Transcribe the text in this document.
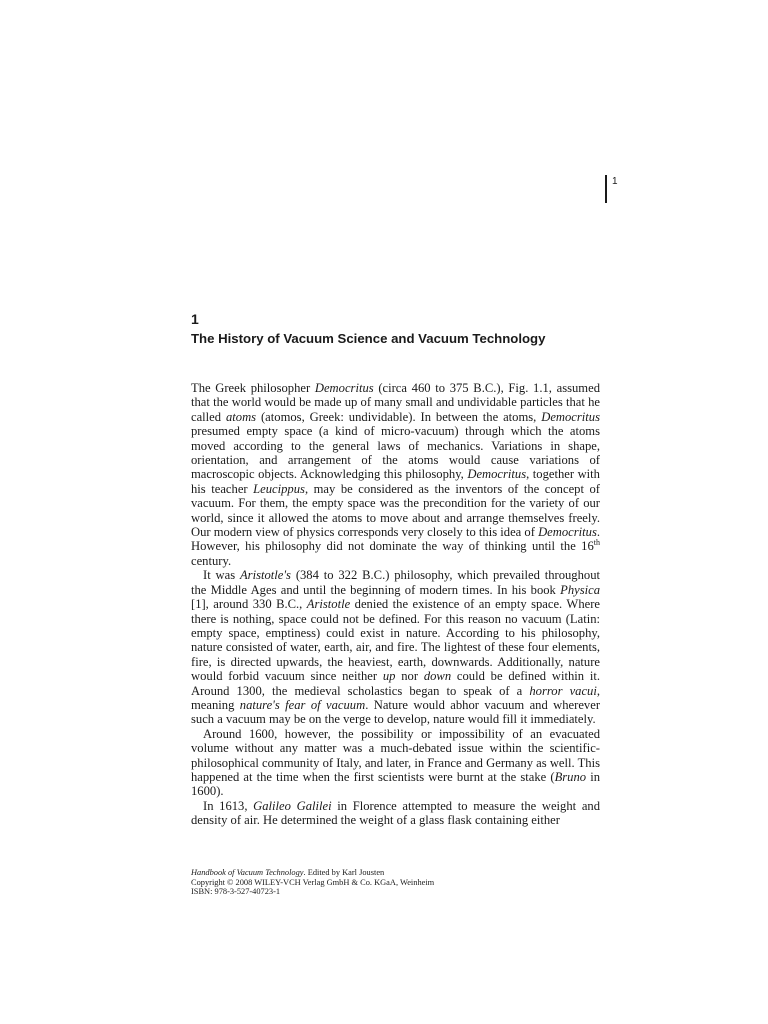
1
1
The History of Vacuum Science and Vacuum Technology

The Greek philosopher Democritus (circa 460 to 375 B.C.), Fig. 1.1, assumed that the world would be made up of many small and undividable particles that he called atoms (atomos, Greek: undividable). In between the atoms, Democritus presumed empty space (a kind of micro-vacuum) through which the atoms moved according to the general laws of mechanics. Variations in shape, orientation, and arrangement of the atoms would cause variations of macroscopic objects. Acknowledging this philosophy, Democritus, together with his teacher Leucippus, may be considered as the inventors of the concept of vacuum. For them, the empty space was the precondition for the variety of our world, since it allowed the atoms to move about and arrange themselves freely. Our modern view of physics corresponds very closely to this idea of Democritus. However, his philosophy did not dominate the way of thinking until the 16th century.

It was Aristotle's (384 to 322 B.C.) philosophy, which prevailed throughout the Middle Ages and until the beginning of modern times. In his book Physica [1], around 330 B.C., Aristotle denied the existence of an empty space. Where there is nothing, space could not be defined. For this reason no vacuum (Latin: empty space, emptiness) could exist in nature. According to his philosophy, nature consisted of water, earth, air, and fire. The lightest of these four elements, fire, is directed upwards, the heaviest, earth, downwards. Additionally, nature would forbid vacuum since neither up nor down could be defined within it. Around 1300, the medieval scholastics began to speak of a horror vacui, meaning nature's fear of vacuum. Nature would abhor vacuum and wherever such a vacuum may be on the verge to develop, nature would fill it immediately.

Around 1600, however, the possibility or impossibility of an evacuated volume without any matter was a much-debated issue within the scientific-philosophical community of Italy, and later, in France and Germany as well. This happened at the time when the first scientists were burnt at the stake (Bruno in 1600).

In 1613, Galileo Galilei in Florence attempted to measure the weight and density of air. He determined the weight of a glass flask containing either

Handbook of Vacuum Technology. Edited by Karl Jousten
Copyright © 2008 WILEY-VCH Verlag GmbH & Co. KGaA, Weinheim
ISBN: 978-3-527-40723-1
